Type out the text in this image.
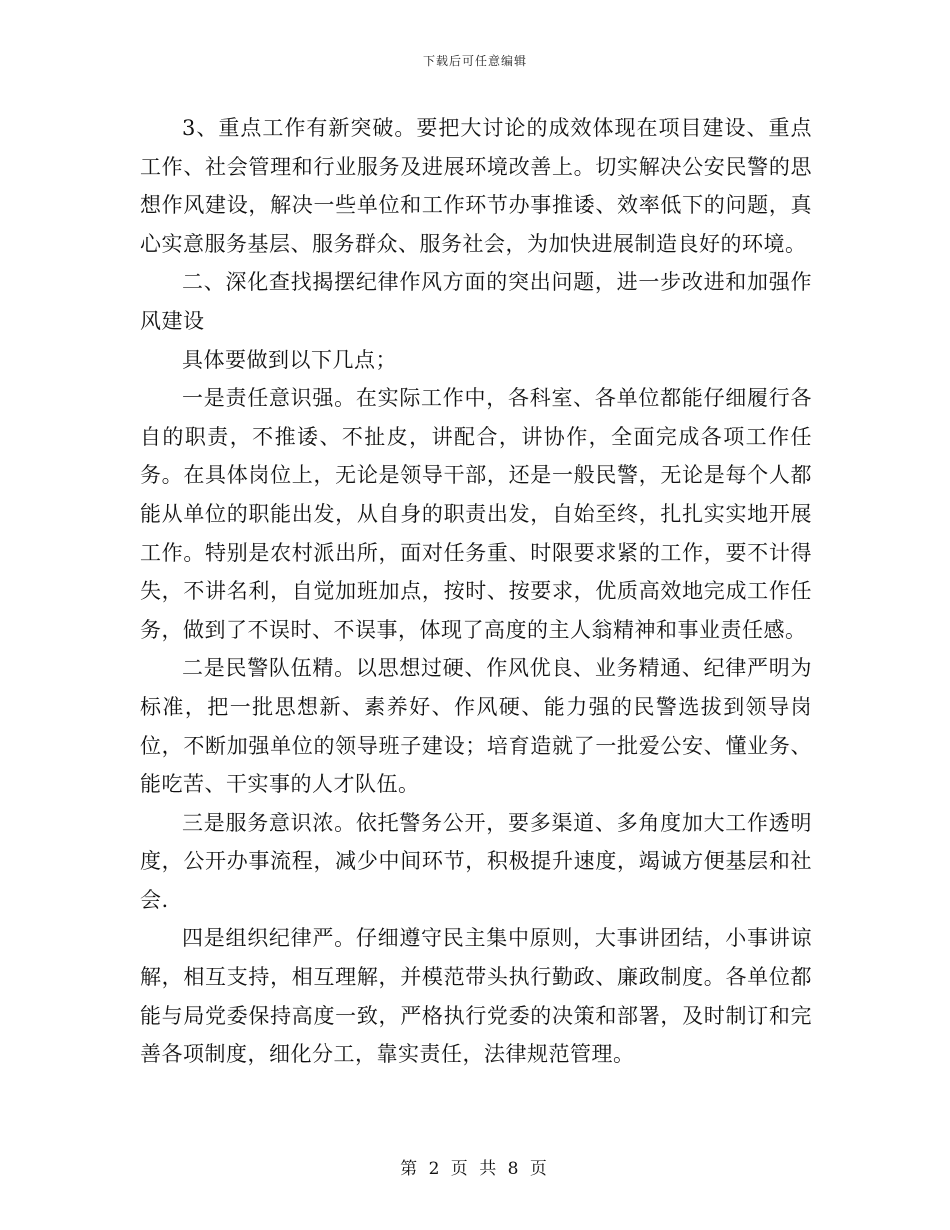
下载后可任意编辑

3、重点工作有新突破。要把大讨论的成效体现在项目建设、重点工作、社会管理和行业服务及进展环境改善上。切实解决公安民警的思想作风建设，解决一些单位和工作环节办事推诿、效率低下的问题，真心实意服务基层、服务群众、服务社会，为加快进展制造良好的环境。

二、深化查找揭摆纪律作风方面的突出问题，进一步改进和加强作风建设

具体要做到以下几点；

一是责任意识强。在实际工作中，各科室、各单位都能仔细履行各自的职责，不推诿、不扯皮，讲配合，讲协作，全面完成各项工作任务。在具体岗位上，无论是领导干部，还是一般民警，无论是每个人都能从单位的职能出发，从自身的职责出发，自始至终，扎扎实实地开展工作。特别是农村派出所，面对任务重、时限要求紧的工作，要不计得失，不讲名利，自觉加班加点，按时、按要求，优质高效地完成工作任务，做到了不误时、不误事，体现了高度的主人翁精神和事业责任感。

二是民警队伍精。以思想过硬、作风优良、业务精通、纪律严明为标准，把一批思想新、素养好、作风硬、能力强的民警选拔到领导岗位，不断加强单位的领导班子建设；培育造就了一批爱公安、懂业务、能吃苦、干实事的人才队伍。

三是服务意识浓。依托警务公开，要多渠道、多角度加大工作透明度，公开办事流程，减少中间环节，积极提升速度，竭诚方便基层和社会.

四是组织纪律严。仔细遵守民主集中原则，大事讲团结，小事讲谅解，相互支持，相互理解，并模范带头执行勤政、廉政制度。各单位都能与局党委保持高度一致，严格执行党委的决策和部署，及时制订和完善各项制度，细化分工，靠实责任，法律规范管理。

第 2 页 共 8 页
